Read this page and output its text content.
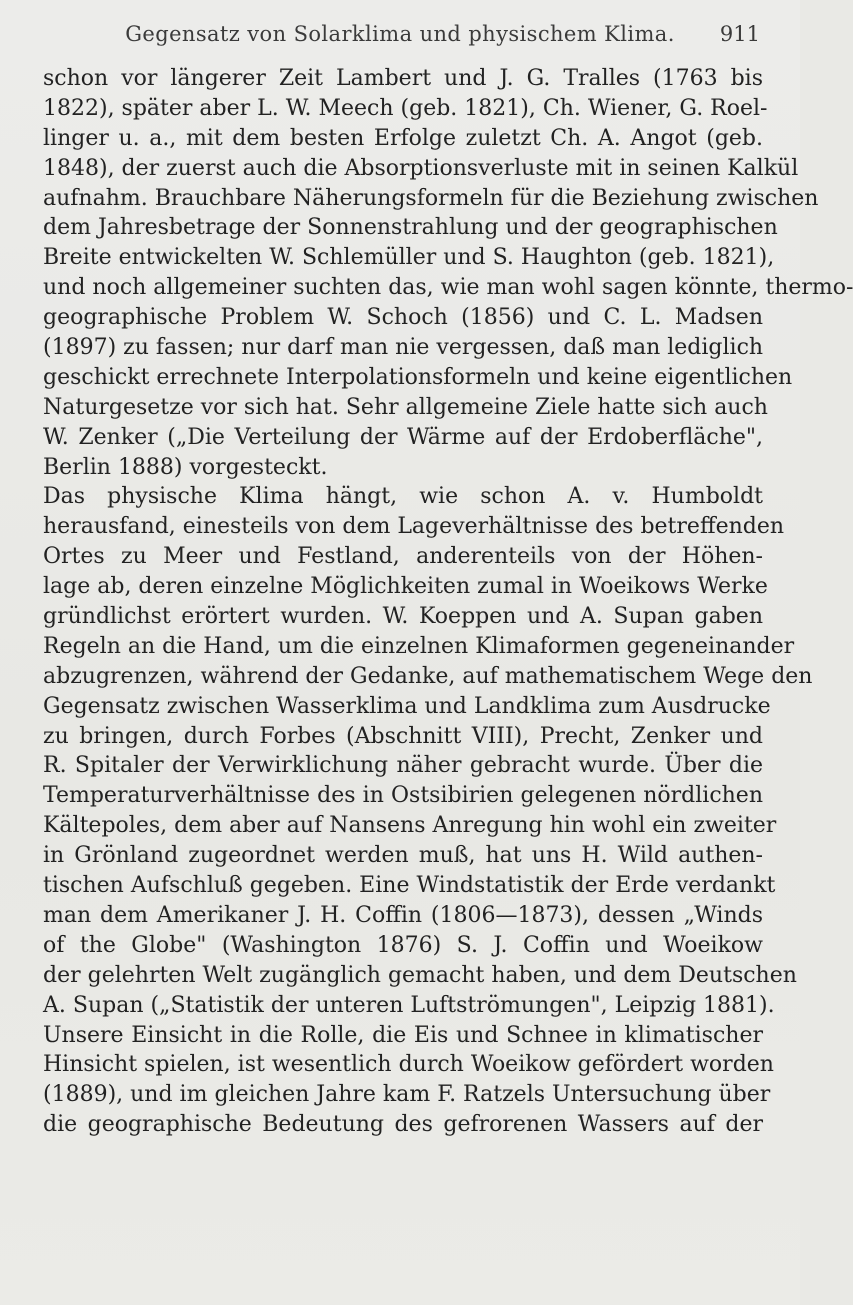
Gegensatz von Solarklima und physischem Klima.	911
schon vor längerer Zeit Lambert und J. G. Tralles (1763 bis
1822), später aber L. W. Meech (geb. 1821), Ch. Wiener, G. Roel-
linger u. a., mit dem besten Erfolge zuletzt Ch. A. Angot (geb.
1848), der zuerst auch die Absorptionsverluste mit in seinen Kalkül
aufnahm. Brauchbare Näherungsformeln für die Beziehung zwischen
dem Jahresbetrage der Sonnenstrahlung und der geographischen
Breite entwickelten W. Schlemüller und S. Haughton (geb. 1821),
und noch allgemeiner suchten das, wie man wohl sagen könnte, thermo-
geographische Problem W. Schoch (1856) und C. L. Madsen
(1897) zu fassen; nur darf man nie vergessen, daß man lediglich
geschickt errechnete Interpolationsformeln und keine eigentlichen
Naturgesetze vor sich hat. Sehr allgemeine Ziele hatte sich auch
W. Zenker („Die Verteilung der Wärme auf der Erdoberfläche",
Berlin 1888) vorgesteckt.
Das physische Klima hängt, wie schon A. v. Humboldt
herausfand, einesteils von dem Lageverhältnisse des betreffenden
Ortes zu Meer und Festland, anderenteils von der Höhen-
lage ab, deren einzelne Möglichkeiten zumal in Woeikows Werke
gründlichst erörtert wurden. W. Koeppen und A. Supan gaben
Regeln an die Hand, um die einzelnen Klimaformen gegeneinander
abzugrenzen, während der Gedanke, auf mathematischem Wege den
Gegensatz zwischen Wasserklima und Landklima zum Ausdrucke
zu bringen, durch Forbes (Abschnitt VIII), Precht, Zenker und
R. Spitaler der Verwirklichung näher gebracht wurde. Über die
Temperaturverhältnisse des in Ostsibirien gelegenen nördlichen
Kältepoles, dem aber auf Nansens Anregung hin wohl ein zweiter
in Grönland zugeordnet werden muß, hat uns H. Wild authen-
tischen Aufschluß gegeben. Eine Windstatistik der Erde verdankt
man dem Amerikaner J. H. Coffin (1806—1873), dessen „Winds
of the Globe" (Washington 1876) S. J. Coffin und Woeikow
der gelehrten Welt zugänglich gemacht haben, und dem Deutschen
A. Supan („Statistik der unteren Luftströmungen", Leipzig 1881).
Unsere Einsicht in die Rolle, die Eis und Schnee in klimatischer
Hinsicht spielen, ist wesentlich durch Woeikow gefördert worden
(1889), und im gleichen Jahre kam F. Ratzels Untersuchung über
die geographische Bedeutung des gefrorenen Wassers auf der
